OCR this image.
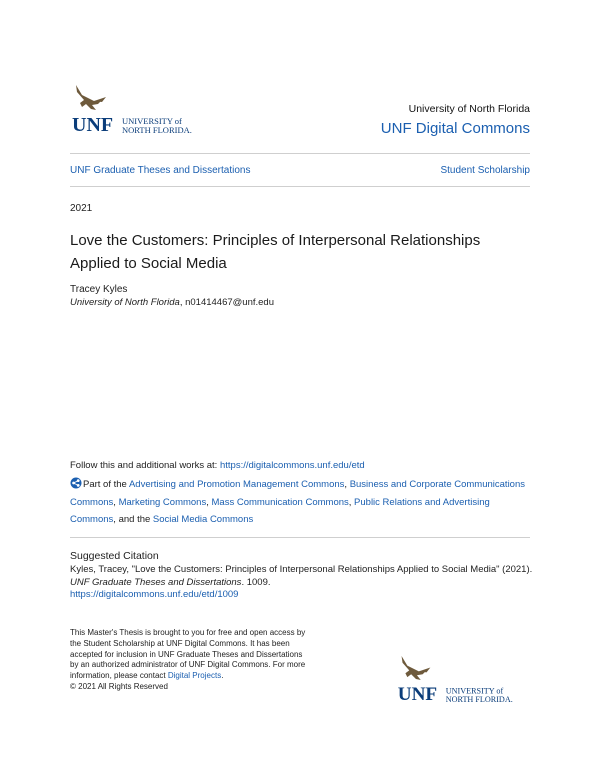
UNF UNIVERSITY of
NORTH FLORIDA.
University of North Florida
UNF Digital Commons
UNF Graduate Theses and Dissertations	Student Scholarship
2021
Love the Customers: Principles of Interpersonal Relationships Applied to Social Media
Tracey Kyles
University of North Florida, n01414467@unf.edu
Follow this and additional works at: https://digitalcommons.unf.edu/etd
Part of the Advertising and Promotion Management Commons, Business and Corporate Communications Commons, Marketing Commons, Mass Communication Commons, Public Relations and Advertising Commons, and the Social Media Commons
Suggested Citation
Kyles, Tracey, "Love the Customers: Principles of Interpersonal Relationships Applied to Social Media" (2021). UNF Graduate Theses and Dissertations. 1009.
https://digitalcommons.unf.edu/etd/1009
This Master's Thesis is brought to you for free and open access by the Student Scholarship at UNF Digital Commons. It has been accepted for inclusion in UNF Graduate Theses and Dissertations by an authorized administrator of UNF Digital Commons. For more information, please contact Digital Projects.
© 2021 All Rights Reserved	UNF UNIVERSITY of
NORTH FLORIDA.
